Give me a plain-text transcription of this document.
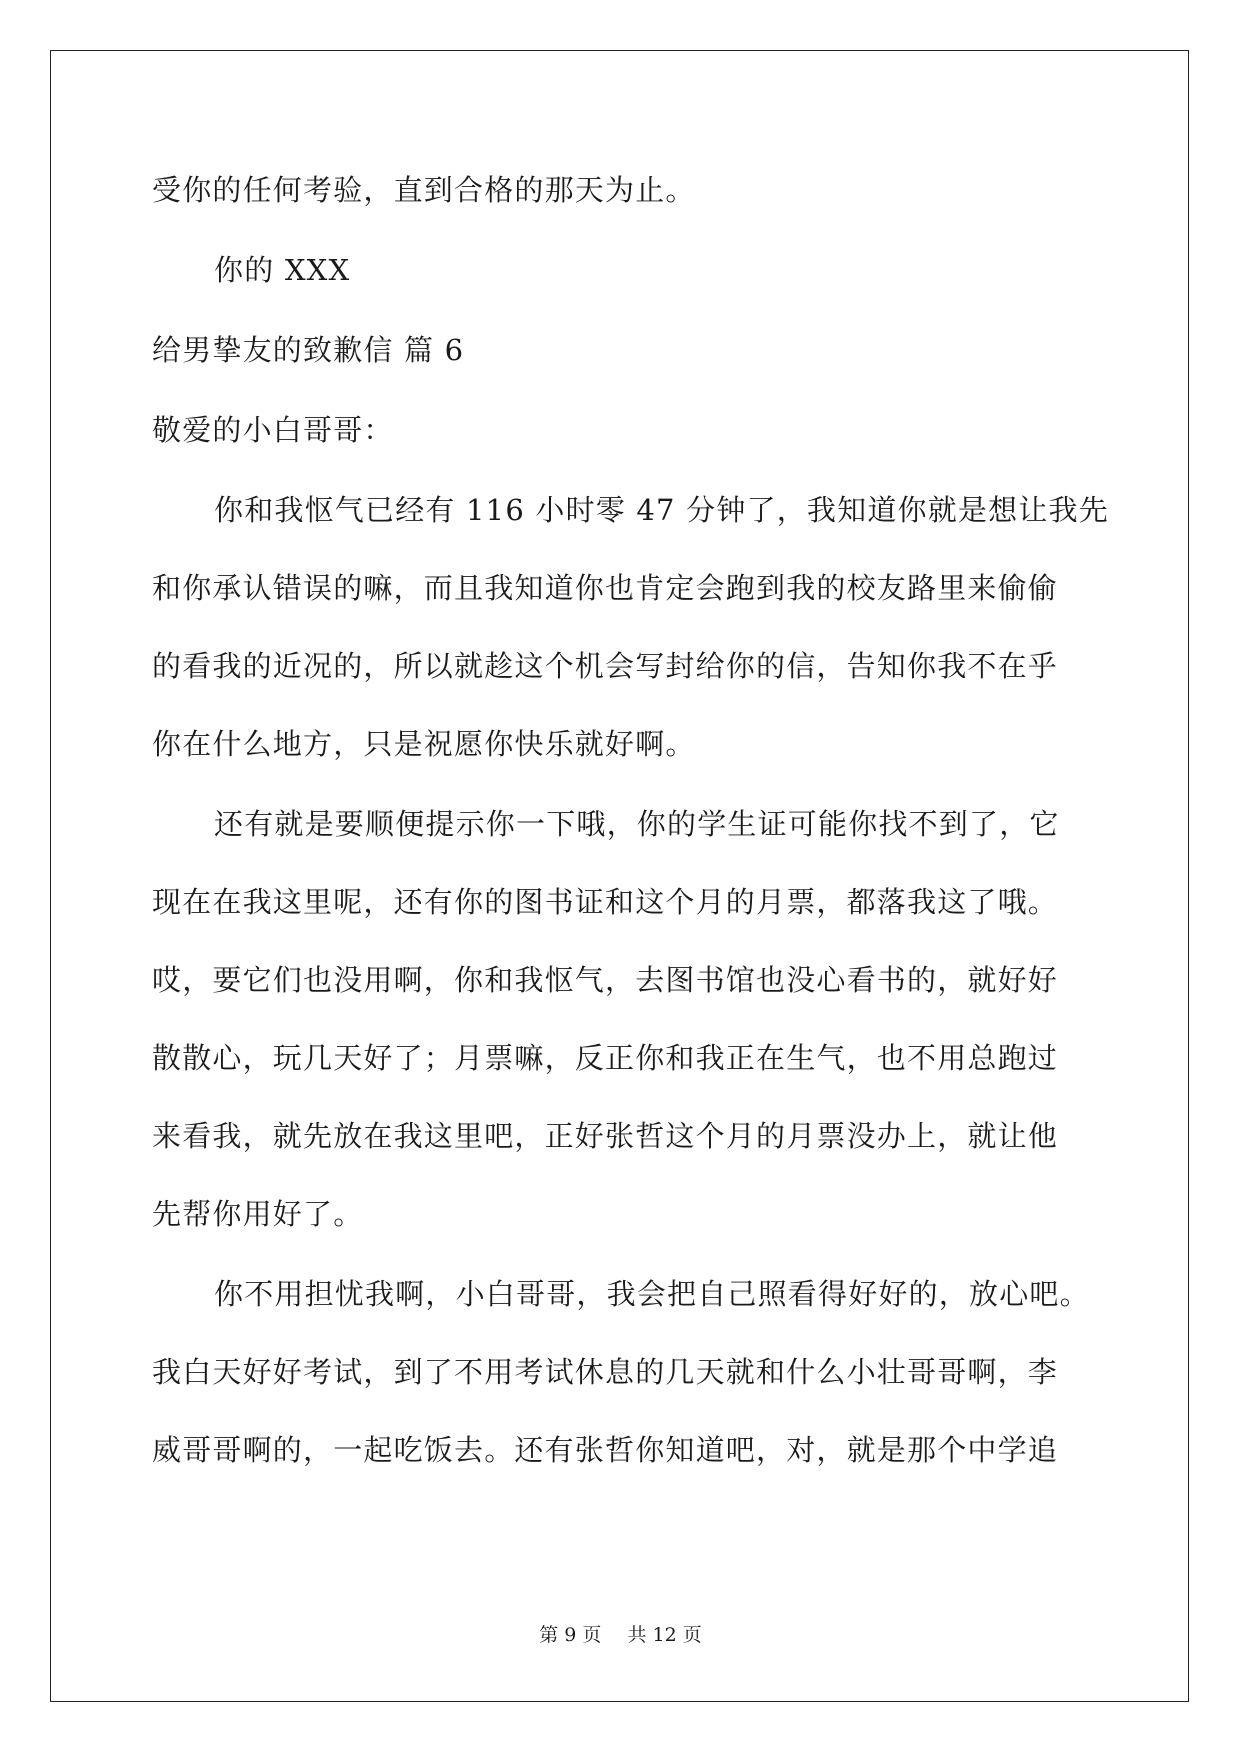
受你的任何考验，直到合格的那天为止。
你的 XXX
给男挚友的致歉信 篇 6
敬爱的小白哥哥：
你和我怄气已经有 116 小时零 47 分钟了，我知道你就是想让我先
和你承认错误的嘛，而且我知道你也肯定会跑到我的校友路里来偷偷
的看我的近况的，所以就趁这个机会写封给你的信，告知你我不在乎
你在什么地方，只是祝愿你快乐就好啊。
还有就是要顺便提示你一下哦，你的学生证可能你找不到了，它
现在在我这里呢，还有你的图书证和这个月的月票，都落我这了哦。
哎，要它们也没用啊，你和我怄气，去图书馆也没心看书的，就好好
散散心，玩几天好了；月票嘛，反正你和我正在生气，也不用总跑过
来看我，就先放在我这里吧，正好张哲这个月的月票没办上，就让他
先帮你用好了。
你不用担忧我啊，小白哥哥，我会把自己照看得好好的，放心吧。
我白天好好考试，到了不用考试休息的几天就和什么小壮哥哥啊，李
威哥哥啊的，一起吃饭去。还有张哲你知道吧，对，就是那个中学追
第 9 页 共 12 页
